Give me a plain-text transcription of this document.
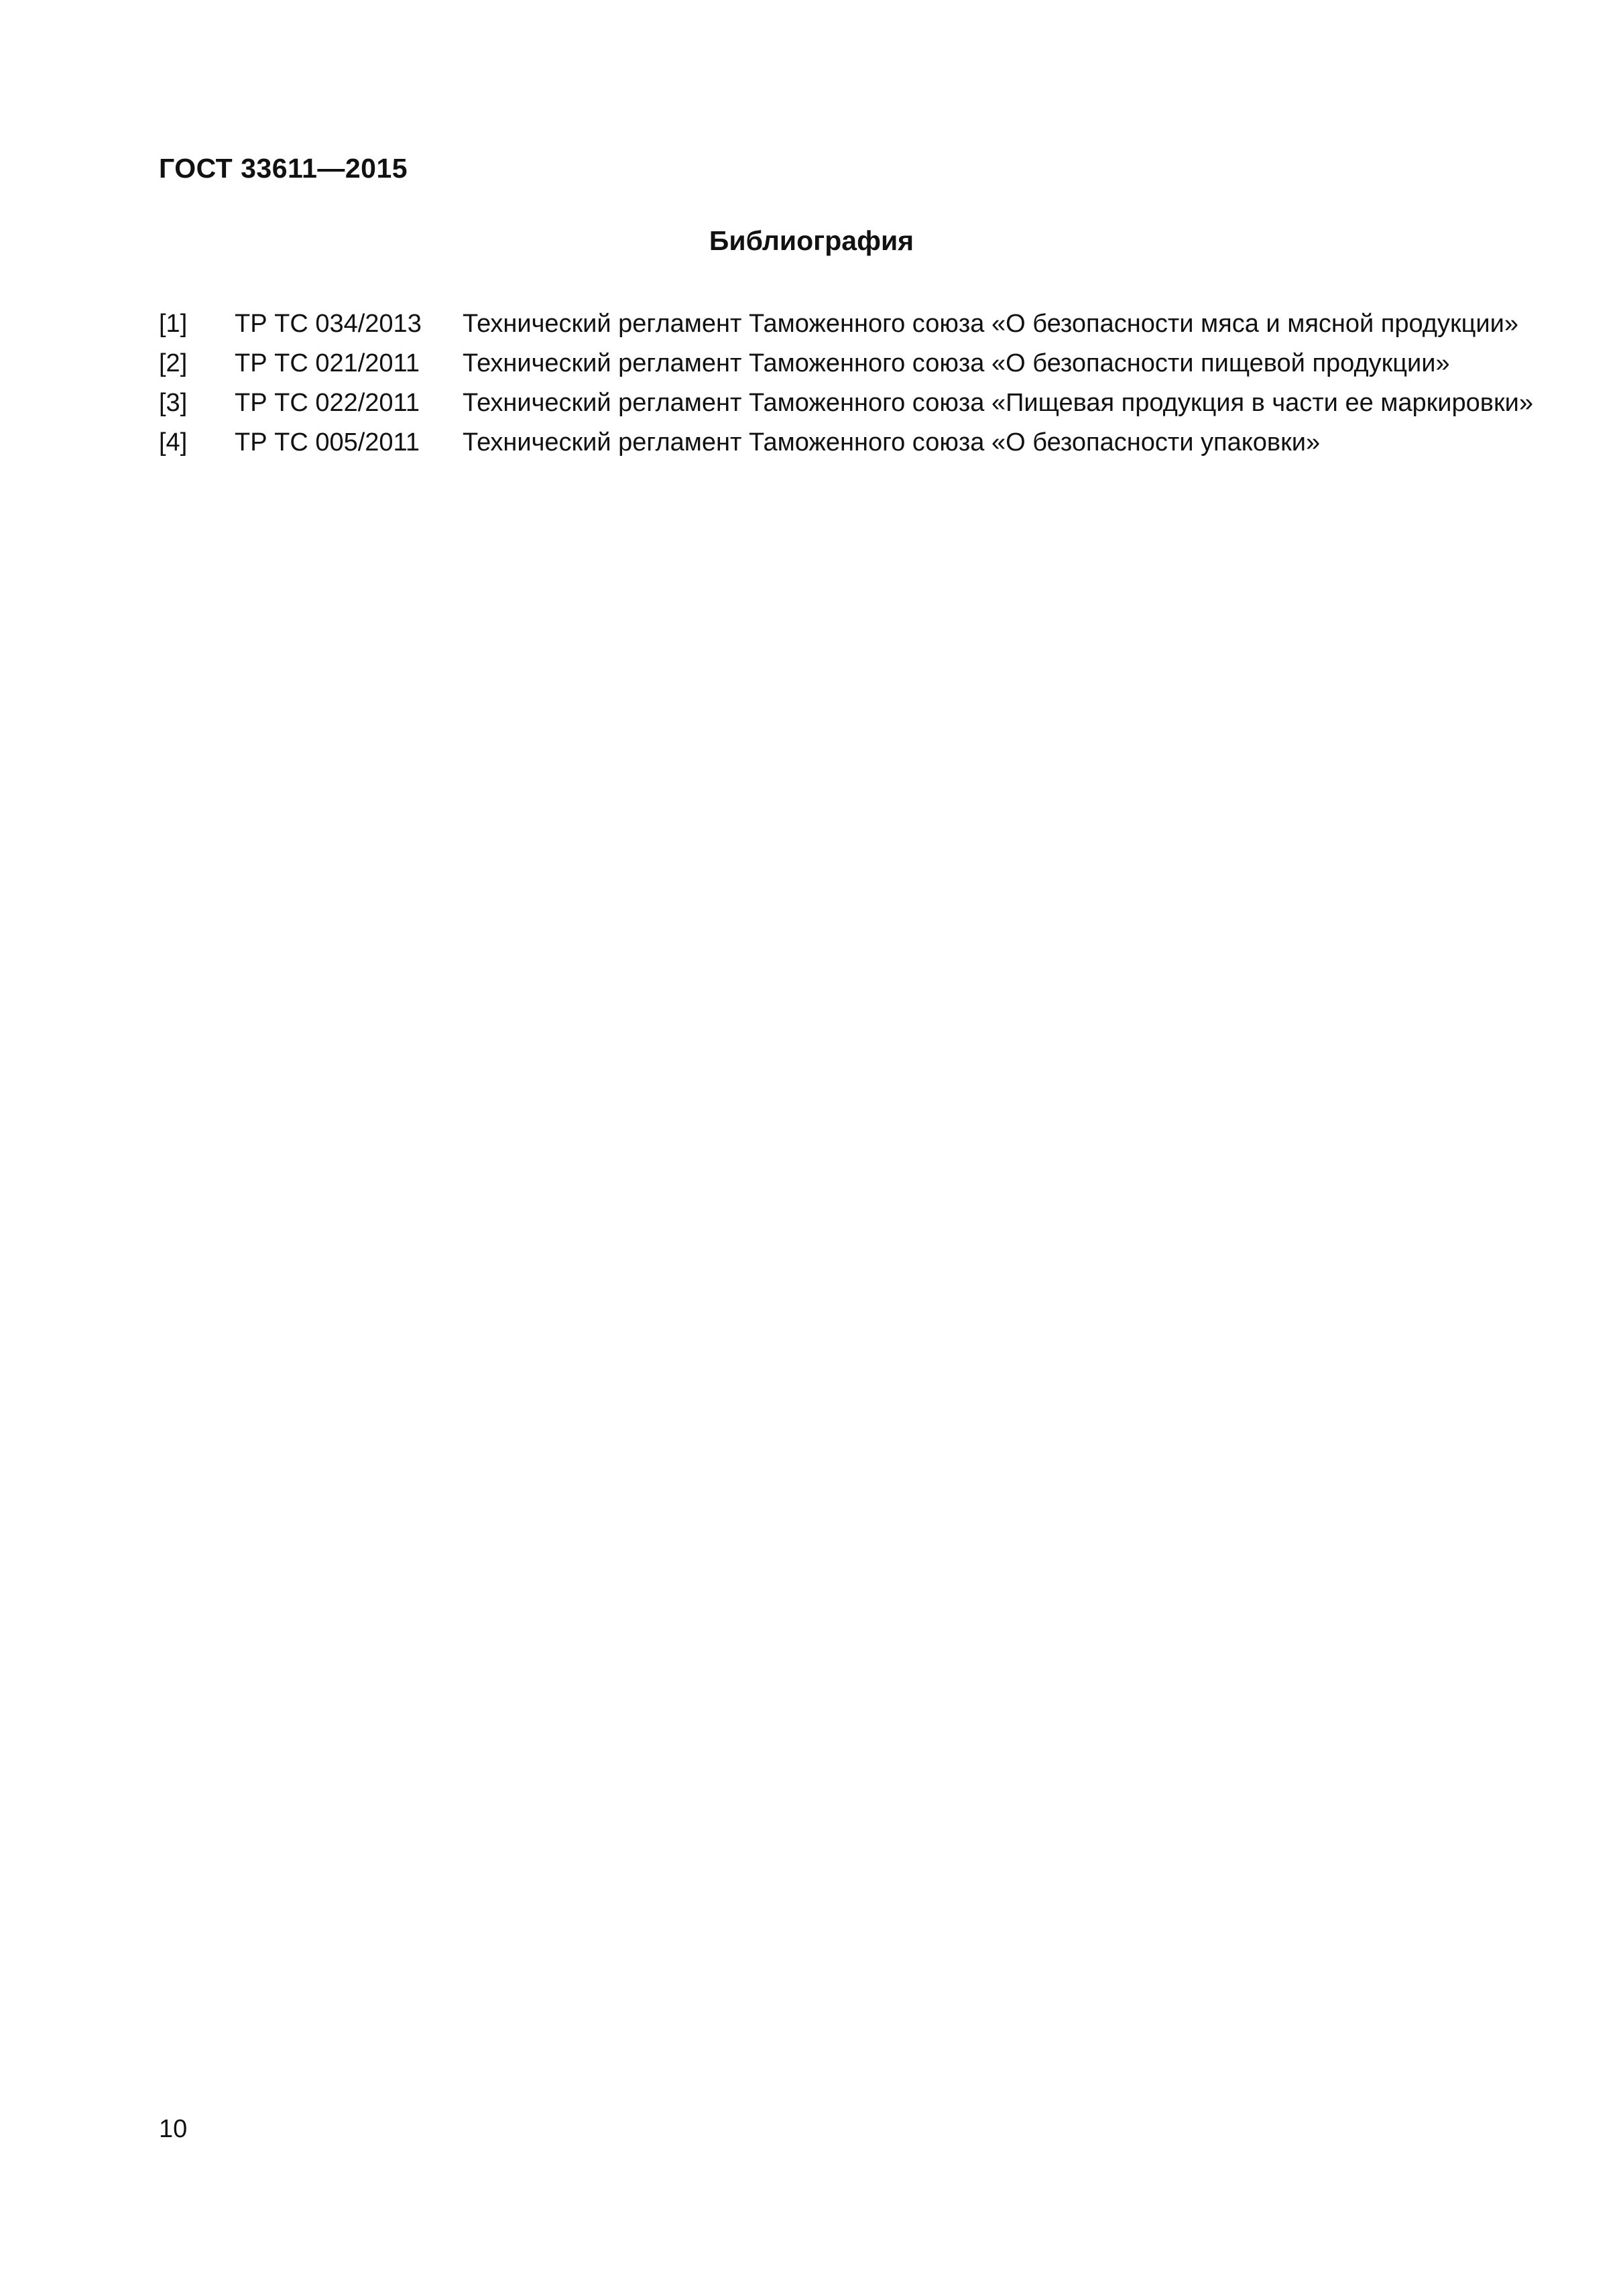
ГОСТ 33611—2015
Библиография
[1] ТР ТС 034/2013 Технический регламент Таможенного союза «О безопасности мяса и мясной продукции»
[2] ТР ТС 021/2011 Технический регламент Таможенного союза «О безопасности пищевой продукции»
[3] ТР ТС 022/2011 Технический регламент Таможенного союза «Пищевая продукция в части ее маркировки»
[4] ТР ТС 005/2011 Технический регламент Таможенного союза «О безопасности упаковки»
10
